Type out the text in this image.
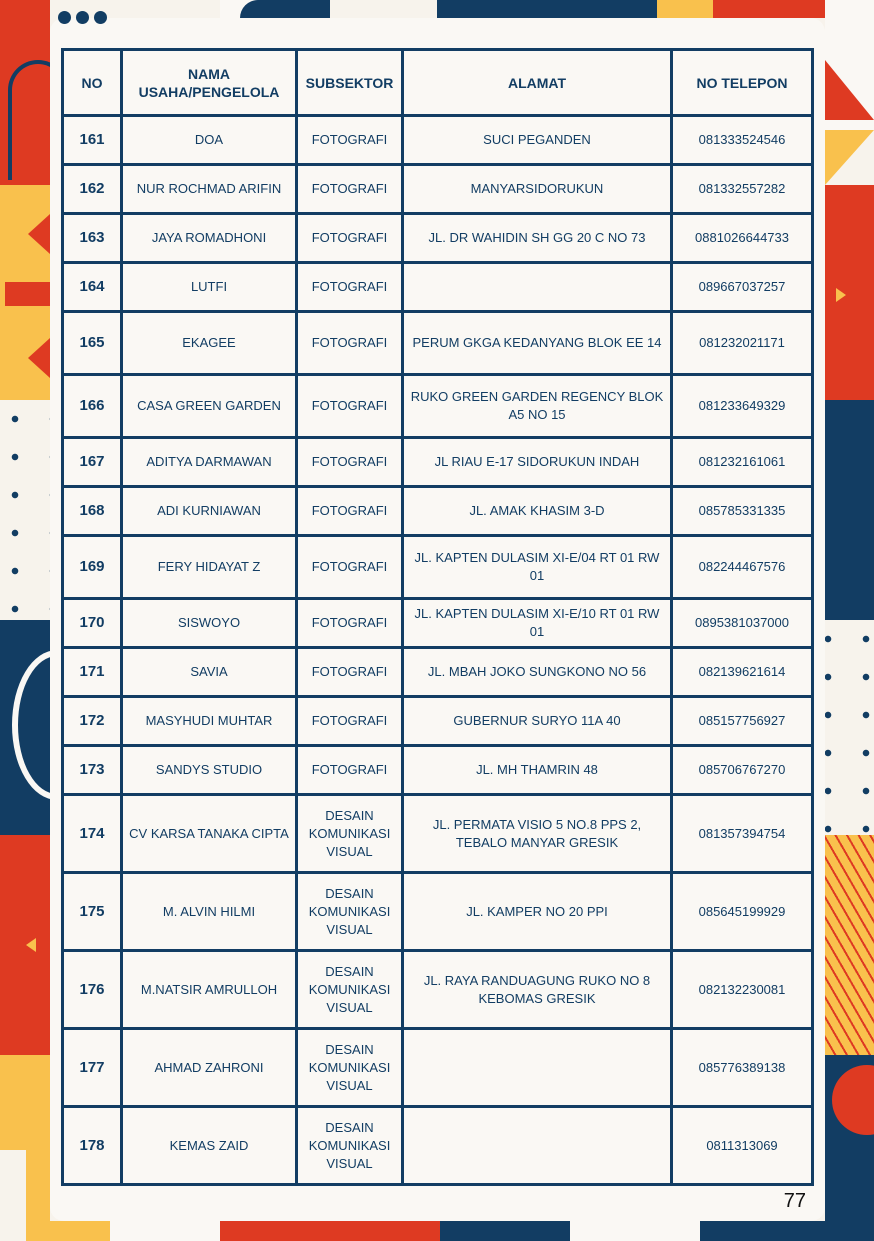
NO	NAMA USAHA/PENGELOLA	SUBSEKTOR	ALAMAT	NO TELEPON
161	DOA	FOTOGRAFI	SUCI PEGANDEN	081333524546
162	NUR ROCHMAD ARIFIN	FOTOGRAFI	MANYARSIDORUKUN	081332557282
163	JAYA ROMADHONI	FOTOGRAFI	JL. DR WAHIDIN SH GG 20 C NO 73	0881026644733
164	LUTFI	FOTOGRAFI		089667037257
165	EKAGEE	FOTOGRAFI	PERUM GKGA KEDANYANG BLOK EE 14	081232021171
166	CASA GREEN GARDEN	FOTOGRAFI	RUKO GREEN GARDEN REGENCY BLOK A5 NO 15	081233649329
167	ADITYA DARMAWAN	FOTOGRAFI	JL RIAU E-17 SIDORUKUN INDAH	081232161061
168	ADI KURNIAWAN	FOTOGRAFI	JL. AMAK KHASIM 3-D	085785331335
169	FERY HIDAYAT Z	FOTOGRAFI	JL. KAPTEN DULASIM XI-E/04 RT 01 RW 01	082244467576
170	SISWOYO	FOTOGRAFI	JL. KAPTEN DULASIM XI-E/10 RT 01 RW 01	0895381037000
171	SAVIA	FOTOGRAFI	JL. MBAH JOKO SUNGKONO NO 56	082139621614
172	MASYHUDI MUHTAR	FOTOGRAFI	GUBERNUR SURYO 11A 40	085157756927
173	SANDYS STUDIO	FOTOGRAFI	JL. MH THAMRIN 48	085706767270
174	CV KARSA TANAKA CIPTA	DESAIN KOMUNIKASI VISUAL	JL. PERMATA VISIO 5 NO.8 PPS 2, TEBALO MANYAR GRESIK	081357394754
175	M. ALVIN HILMI	DESAIN KOMUNIKASI VISUAL	JL. KAMPER NO 20 PPI	085645199929
176	M.NATSIR AMRULLOH	DESAIN KOMUNIKASI VISUAL	JL. RAYA RANDUAGUNG RUKO NO 8 KEBOMAS GRESIK	082132230081
177	AHMAD ZAHRONI	DESAIN KOMUNIKASI VISUAL		085776389138
178	KEMAS ZAID	DESAIN KOMUNIKASI VISUAL		0811313069
77
